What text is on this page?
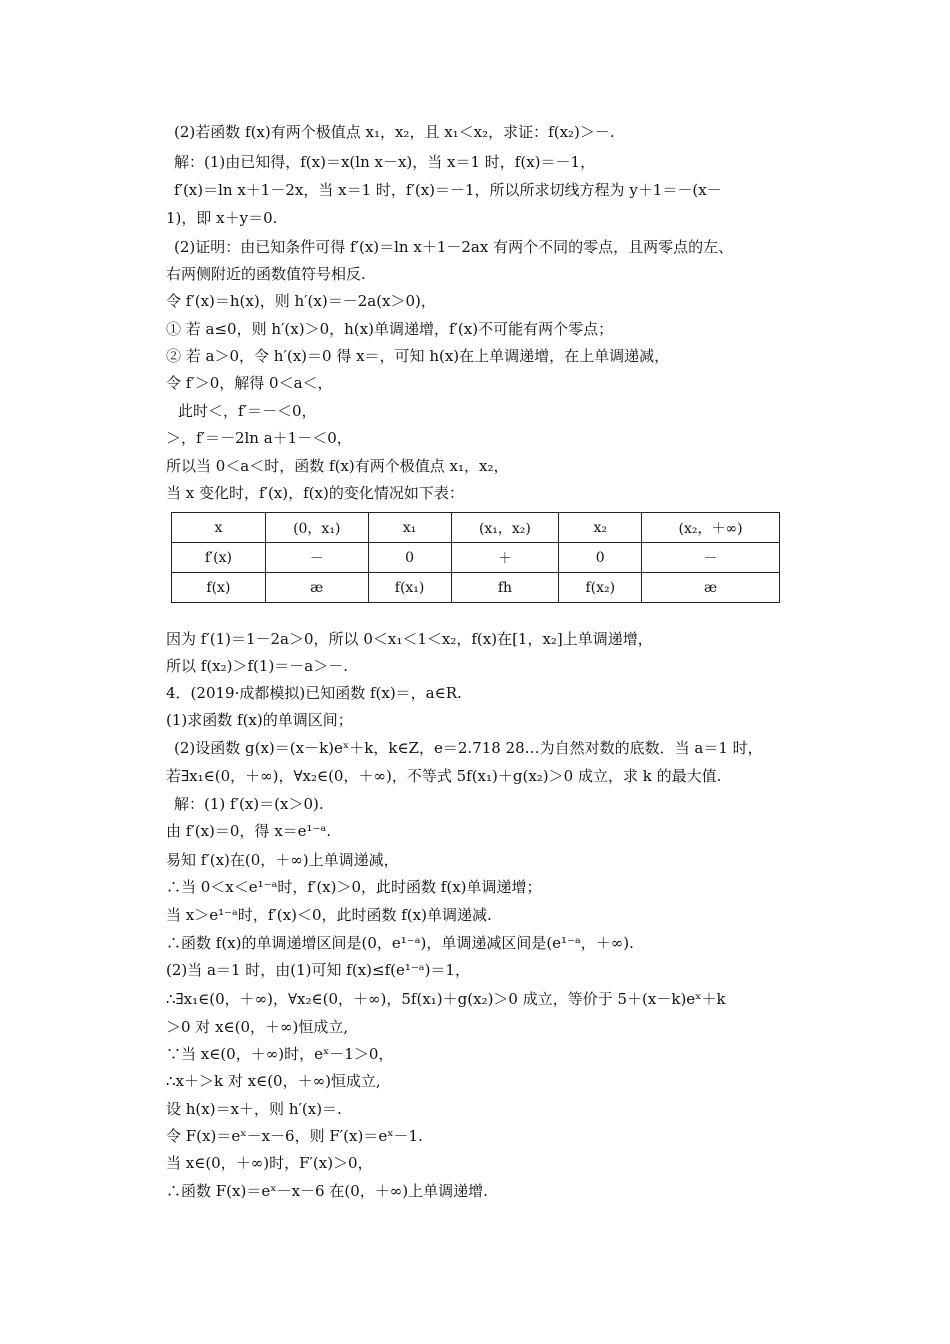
(2)若函数 f(x)有两个极值点 x₁，x₂，且 x₁＜x₂，求证：f(x₂)＞－.
解：(1)由已知得，f(x)＝x(ln x－x)，当 x＝1 时，f(x)＝－1，
f′(x)＝ln x＋1－2x，当 x＝1 时，f′(x)＝－1，所以所求切线方程为 y＋1＝－(x－
1)，即 x＋y＝0.
(2)证明：由已知条件可得 f′(x)＝ln x＋1－2ax 有两个不同的零点，且两零点的左、
右两侧附近的函数值符号相反.
令 f′(x)＝h(x)，则 h′(x)＝－2a(x＞0)，
① 若 a≤0，则 h′(x)＞0，h(x)单调递增，f′(x)不可能有两个零点；
② 若 a＞0，令 h′(x)＝0 得 x＝，可知 h(x)在上单调递增，在上单调递减，
令 f′＞0，解得 0＜a＜，
此时＜，f′＝－＜0，
＞，f′＝－2ln a＋1－＜0，
所以当 0＜a＜时，函数 f(x)有两个极值点 x₁，x₂，
当 x 变化时，f′(x)，f(x)的变化情况如下表：
x	(0，x₁)	x₁	(x₁，x₂)	x₂	(x₂，＋∞)
f′(x)	－	0	＋	0	－
f(x)	æ	f(x₁)	fh	f(x₂)	æ
因为 f′(1)＝1－2a＞0，所以 0＜x₁＜1＜x₂，f(x)在[1，x₂]上单调递增，
所以 f(x₂)＞f(1)＝－a＞－.
4．(2019·成都模拟)已知函数 f(x)＝，a∈R.
(1)求函数 f(x)的单调区间；
(2)设函数 g(x)＝(x－k)eˣ＋k，k∈Z，e＝2.718 28…为自然对数的底数．当 a＝1 时，
若∃x₁∈(0，＋∞)，∀x₂∈(0，＋∞)，不等式 5f(x₁)＋g(x₂)＞0 成立，求 k 的最大值.
解：(1) f′(x)＝(x＞0).
由 f′(x)＝0，得 x＝e¹⁻ᵃ.
易知 f′(x)在(0，＋∞)上单调递减，
∴当 0＜x＜e¹⁻ᵃ时，f′(x)＞0，此时函数 f(x)单调递增；
当 x＞e¹⁻ᵃ时，f′(x)＜0，此时函数 f(x)单调递减.
∴函数 f(x)的单调递增区间是(0，e¹⁻ᵃ)，单调递减区间是(e¹⁻ᵃ，＋∞).
(2)当 a＝1 时，由(1)可知 f(x)≤f(e¹⁻ᵃ)＝1，
∴∃x₁∈(0，＋∞)，∀x₂∈(0，＋∞)，5f(x₁)＋g(x₂)＞0 成立，等价于 5＋(x－k)eˣ＋k
＞0 对 x∈(0，＋∞)恒成立,
∵当 x∈(0，＋∞)时，eˣ－1＞0，
∴x＋＞k 对 x∈(0，＋∞)恒成立,
设 h(x)＝x＋，则 h′(x)＝.
令 F(x)＝eˣ－x－6，则 F′(x)＝eˣ－1.
当 x∈(0，＋∞)时，F′(x)＞0，
∴函数 F(x)＝eˣ－x－6 在(0，＋∞)上单调递增.
